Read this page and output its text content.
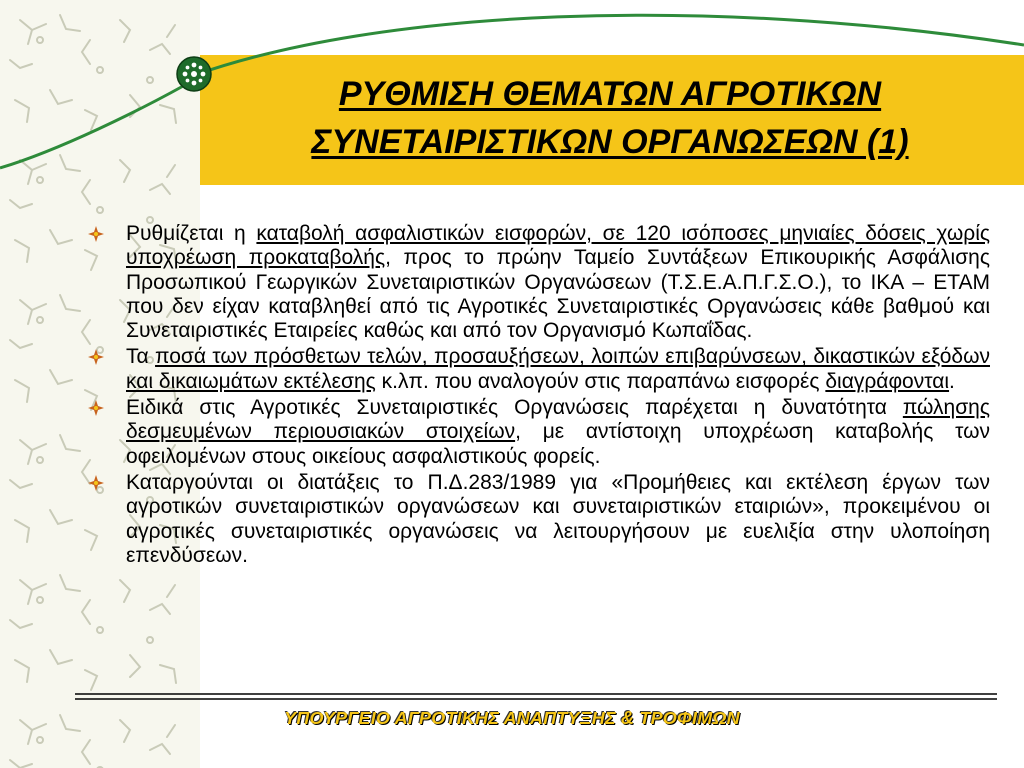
ΡΥΘΜΙΣΗ ΘΕΜΑΤΩΝ ΑΓΡΟΤΙΚΩΝ
ΣΥΝΕΤΑΙΡΙΣΤΙΚΩΝ ΟΡΓΑΝΩΣΕΩΝ (1)
Ρυθμίζεται η καταβολή ασφαλιστικών εισφορών, σε 120 ισόποσες μηνιαίες δόσεις χωρίς υποχρέωση προκαταβολής, προς το πρώην Ταμείο Συντάξεων Επικουρικής Ασφάλισης Προσωπικού Γεωργικών Συνεταιριστικών Οργανώσεων (Τ.Σ.Ε.Α.Π.Γ.Σ.Ο.), το ΙΚΑ – ΕΤΑΜ που δεν είχαν καταβληθεί από τις Αγροτικές Συνεταιριστικές Οργανώσεις κάθε βαθμού και Συνεταιριστικές Εταιρείες καθώς και από τον Οργανισμό Κωπαΐδας.
Τα ποσά των πρόσθετων τελών, προσαυξήσεων, λοιπών επιβαρύνσεων, δικαστικών εξόδων και δικαιωμάτων εκτέλεσης κ.λπ. που αναλογούν στις παραπάνω εισφορές διαγράφονται.
Ειδικά στις Αγροτικές Συνεταιριστικές Οργανώσεις παρέχεται η δυνατότητα πώλησης δεσμευμένων περιουσιακών στοιχείων, με αντίστοιχη υποχρέωση καταβολής των οφειλομένων στους οικείους ασφαλιστικούς φορείς.
Καταργούνται οι διατάξεις το Π.Δ.283/1989 για «Προμήθειες και εκτέλεση έργων των αγροτικών συνεταιριστικών οργανώσεων και συνεταιριστικών εταιριών», προκειμένου οι αγροτικές συνεταιριστικές οργανώσεις να λειτουργήσουν με ευελιξία στην υλοποίηση επενδύσεων.
ΥΠΟΥΡΓΕΙΟ ΑΓΡΟΤΙΚΗΣ ΑΝΑΠΤΥΞΗΣ & ΤΡΟΦΙΜΩΝ
